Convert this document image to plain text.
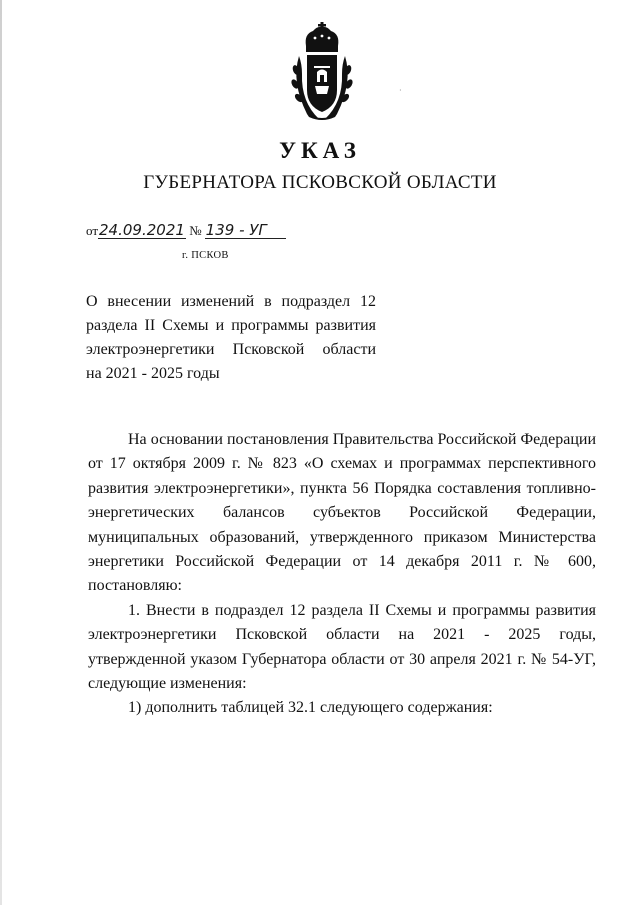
·
УКАЗ
ГУБЕРНАТОРА ПСКОВСКОЙ ОБЛАСТИ
от24.09.2021 № 139 - УГ
г. ПСКОВ
О внесении изменений в подраздел 12
раздела II Схемы и программы развития
электроэнергетики Псковской области
на 2021 - 2025 годы
На основании постановления Правительства Российской Федерации
от 17 октября 2009 г. № 823 «О схемах и программах перспективного
развития электроэнергетики», пункта 56 Порядка составления топливно-
энергетических балансов субъектов Российской Федерации,
муниципальных образований, утвержденного приказом Министерства
энергетики Российской Федерации от 14 декабря 2011 г. № 600,
постановляю:
1. Внести в подраздел 12 раздела II Схемы и программы развития
электроэнергетики Псковской области на 2021 - 2025 годы,
утвержденной указом Губернатора области от 30 апреля 2021 г. № 54-УГ,
следующие изменения:
1) дополнить таблицей 32.1 следующего содержания:
